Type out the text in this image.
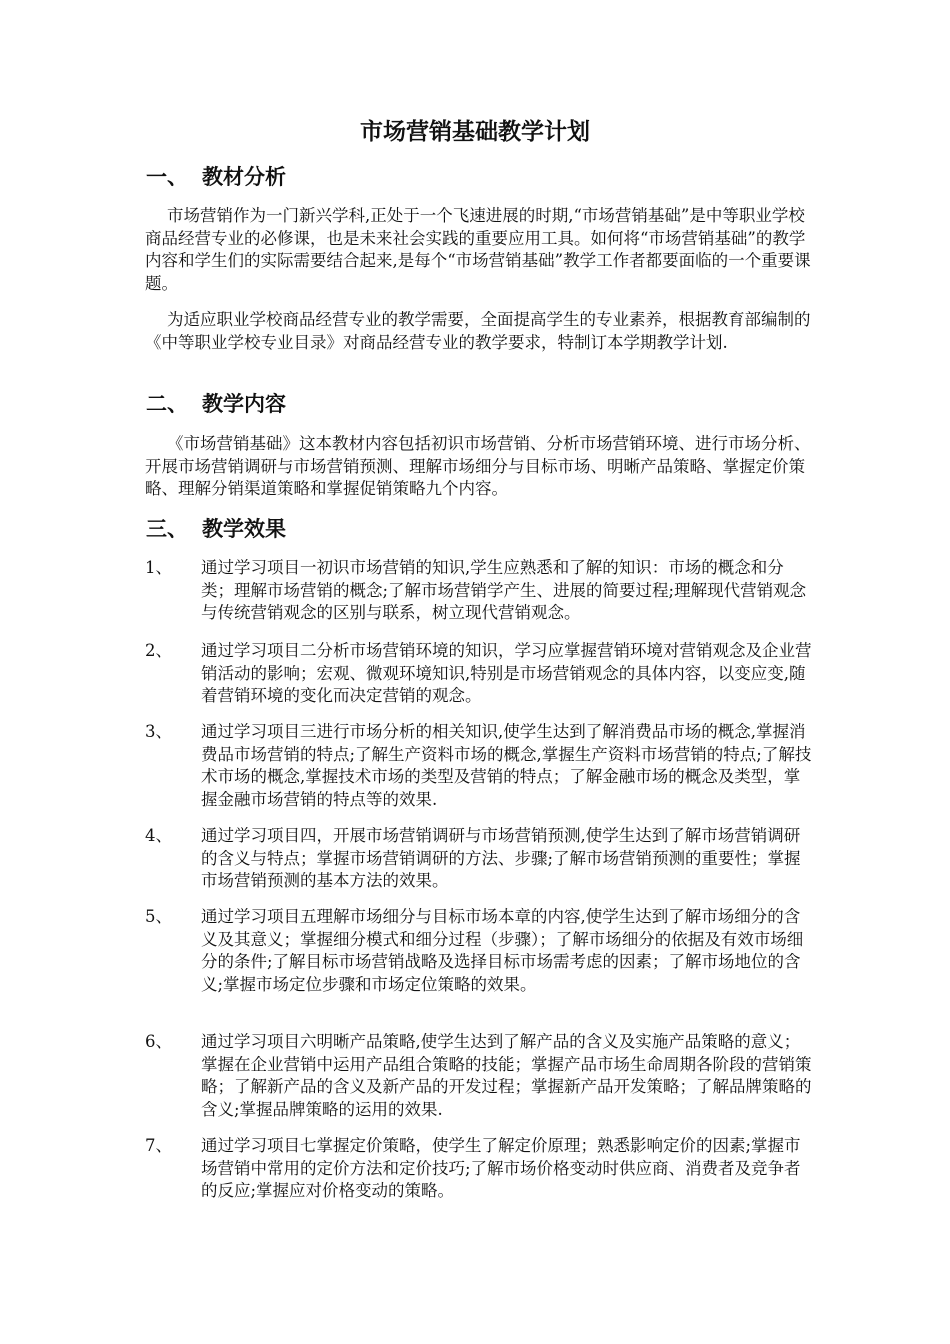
市场营销基础教学计划
一、 教材分析

市场营销作为一门新兴学科,正处于一个飞速进展的时期,“市场营销基础”是中等职业学校商品经营专业的必修课，也是未来社会实践的重要应用工具。如何将“市场营销基础”的教学内容和学生们的实际需要结合起来,是每个“市场营销基础”教学工作者都要面临的一个重要课题。

为适应职业学校商品经营专业的教学需要，全面提高学生的专业素养，根据教育部编制的《中等职业学校专业目录》对商品经营专业的教学要求，特制订本学期教学计划.

二、 教学内容

《市场营销基础》这本教材内容包括初识市场营销、分析市场营销环境、进行市场分析、开展市场营销调研与市场营销预测、理解市场细分与目标市场、明晰产品策略、掌握定价策略、理解分销渠道策略和掌握促销策略九个内容。

三、 教学效果
1、	通过学习项目一初识市场营销的知识,学生应熟悉和了解的知识：市场的概念和分类；理解市场营销的概念;了解市场营销学产生、进展的简要过程;理解现代营销观念与传统营销观念的区别与联系，树立现代营销观念。
2、	通过学习项目二分析市场营销环境的知识，学习应掌握营销环境对营销观念及企业营销活动的影响；宏观、微观环境知识,特别是市场营销观念的具体内容，以变应变,随着营销环境的变化而决定营销的观念。
3、	通过学习项目三进行市场分析的相关知识,使学生达到了解消费品市场的概念,掌握消费品市场营销的特点;了解生产资料市场的概念,掌握生产资料市场营销的特点;了解技术市场的概念,掌握技术市场的类型及营销的特点；了解金融市场的概念及类型，掌握金融市场营销的特点等的效果.
4、	通过学习项目四，开展市场营销调研与市场营销预测,使学生达到了解市场营销调研的含义与特点；掌握市场营销调研的方法、步骤;了解市场营销预测的重要性；掌握市场营销预测的基本方法的效果。
5、	通过学习项目五理解市场细分与目标市场本章的内容,使学生达到了解市场细分的含义及其意义；掌握细分模式和细分过程（步骤）；了解市场细分的依据及有效市场细分的条件;了解目标市场营销战略及选择目标市场需考虑的因素；了解市场地位的含义;掌握市场定位步骤和市场定位策略的效果。
6、	通过学习项目六明晰产品策略,使学生达到了解产品的含义及实施产品策略的意义；掌握在企业营销中运用产品组合策略的技能；掌握产品市场生命周期各阶段的营销策略；了解新产品的含义及新产品的开发过程；掌握新产品开发策略；了解品牌策略的含义;掌握品牌策略的运用的效果.
7、	通过学习项目七掌握定价策略，使学生了解定价原理；熟悉影响定价的因素;掌握市场营销中常用的定价方法和定价技巧;了解市场价格变动时供应商、消费者及竞争者的反应;掌握应对价格变动的策略。
